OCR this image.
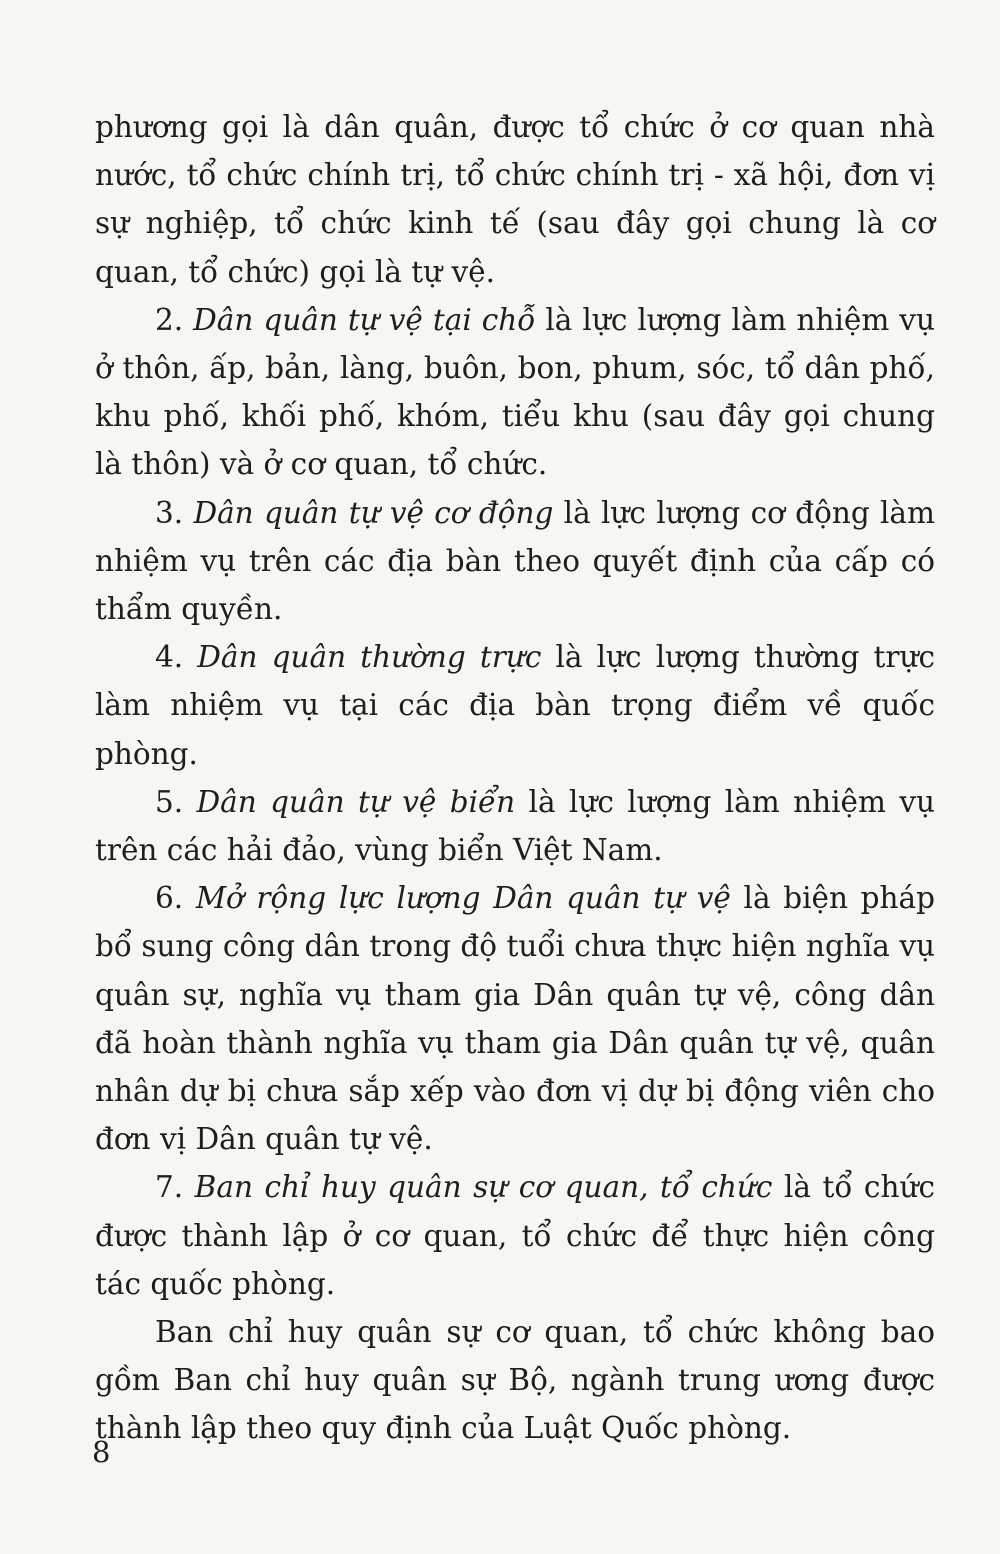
phương gọi là dân quân, được tổ chức ở cơ quan nhà nước, tổ chức chính trị, tổ chức chính trị - xã hội, đơn vị sự nghiệp, tổ chức kinh tế (sau đây gọi chung là cơ quan, tổ chức) gọi là tự vệ.

2. Dân quân tự vệ tại chỗ là lực lượng làm nhiệm vụ ở thôn, ấp, bản, làng, buôn, bon, phum, sóc, tổ dân phố, khu phố, khối phố, khóm, tiểu khu (sau đây gọi chung là thôn) và ở cơ quan, tổ chức.

3. Dân quân tự vệ cơ động là lực lượng cơ động làm nhiệm vụ trên các địa bàn theo quyết định của cấp có thẩm quyền.

4. Dân quân thường trực là lực lượng thường trực làm nhiệm vụ tại các địa bàn trọng điểm về quốc phòng.

5. Dân quân tự vệ biển là lực lượng làm nhiệm vụ trên các hải đảo, vùng biển Việt Nam.

6. Mở rộng lực lượng Dân quân tự vệ là biện pháp bổ sung công dân trong độ tuổi chưa thực hiện nghĩa vụ quân sự, nghĩa vụ tham gia Dân quân tự vệ, công dân đã hoàn thành nghĩa vụ tham gia Dân quân tự vệ, quân nhân dự bị chưa sắp xếp vào đơn vị dự bị động viên cho đơn vị Dân quân tự vệ.

7. Ban chỉ huy quân sự cơ quan, tổ chức là tổ chức được thành lập ở cơ quan, tổ chức để thực hiện công tác quốc phòng.

Ban chỉ huy quân sự cơ quan, tổ chức không bao gồm Ban chỉ huy quân sự Bộ, ngành trung ương được thành lập theo quy định của Luật Quốc phòng.

8
